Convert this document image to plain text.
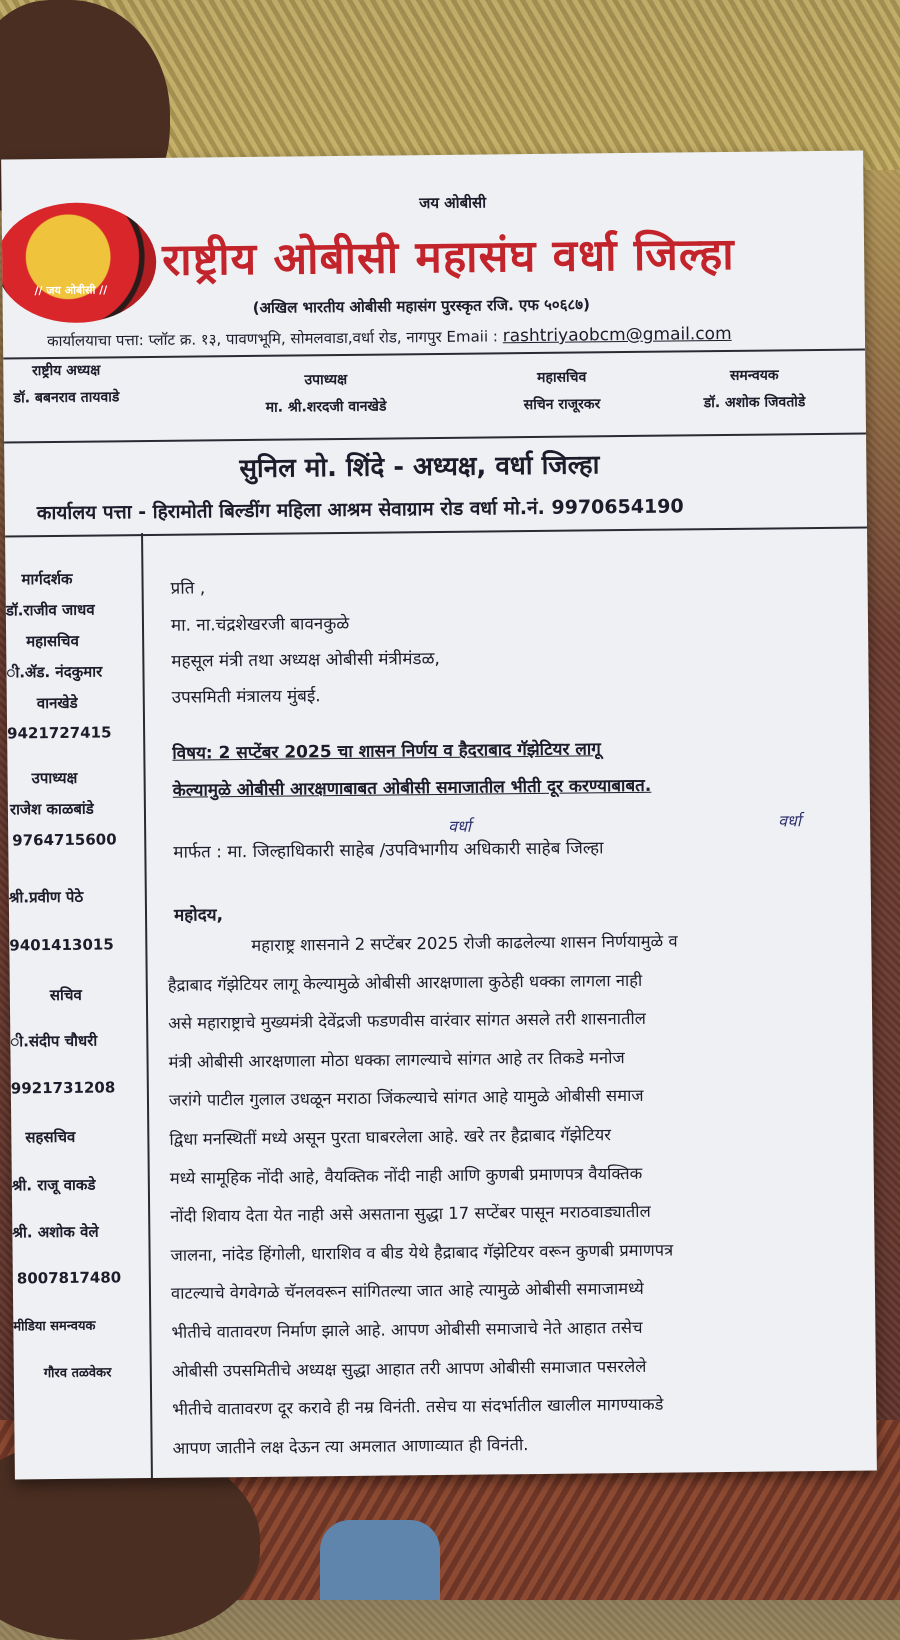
// जय ओबीसी //
जय ओबीसी
राष्ट्रीय ओबीसी महासंघ वर्धा जिल्हा
(अखिल भारतीय ओबीसी महासंग पुरस्कृत रजि. एफ ५०६८७)
कार्यालयाचा पत्ता: प्लॉट क्र. १३, पावणभूमि, सोमलवाडा,वर्धा रोड, नागपुर Emaii : rashtriyaobcm@gmail.com
राष्ट्रीय अध्यक्ष
डॉ. बबनराव तायवाडे
उपाध्यक्ष
मा. श्री.शरदजी वानखेडे
महासचिव
सचिन राजूरकर
समन्वयक
डॉ. अशोक जिवतोडे
सुनिल मो. शिंदे - अध्यक्ष, वर्धा जिल्हा
कार्यालय पत्ता - हिरामोती बिल्डींग महिला आश्रम सेवाग्राम रोड वर्धा मो.नं. 9970654190
मार्गदर्शक
डॉ.राजीव जाधव
महासचिव
ी.ॲड. नंदकुमार
वानखेडे
9421727415
उपाध्यक्ष
राजेश काळबांडे
9764715600
श्री.प्रवीण पेठे
9401413015
सचिव
ी.संदीप चौधरी
9921731208
सहसचिव
श्री. राजू वाकडे
श्री. अशोक वेले
8007817480
मीडिया समन्वयक
गौरव तळवेकर
प्रति ,
मा. ना.चंद्रशेखरजी बावनकुळे
महसूल मंत्री तथा अध्यक्ष ओबीसी मंत्रीमंडळ,
उपसमिती मंत्रालय मुंबई.
विषय: 2 सप्टेंबर 2025 चा शासन निर्णय व हैदराबाद गॅझेटियर लागू
केल्यामुळे ओबीसी आरक्षणाबाबत ओबीसी समाजातील भीती दूर करण्याबाबत.
मार्फत : मा. जिल्हाधिकारी साहेब /उपविभागीय अधिकारी साहेब जिल्हा
वर्धा	वर्धा
महोदय,
महाराष्ट्र शासनाने 2 सप्टेंबर 2025 रोजी काढलेल्या शासन निर्णयामुळे व
हैद्राबाद गॅझेटियर लागू केल्यामुळे ओबीसी आरक्षणाला कुठेही धक्का लागला नाही
असे महाराष्ट्राचे मुख्यमंत्री देवेंद्रजी फडणवीस वारंवार सांगत असले तरी शासनातील
मंत्री ओबीसी आरक्षणाला मोठा धक्का लागल्याचे सांगत आहे तर तिकडे मनोज
जरांगे पाटील गुलाल उधळून मराठा जिंकल्याचे सांगत आहे यामुळे ओबीसी समाज
द्विधा मनस्थितीं मध्ये असून पुरता घाबरलेला आहे. खरे तर हैद्राबाद गॅझेटियर
मध्ये सामूहिक नोंदी आहे, वैयक्तिक नोंदी नाही आणि कुणबी प्रमाणपत्र वैयक्तिक
नोंदी शिवाय देता येत नाही असे असताना सुद्धा 17 सप्टेंबर पासून मराठवाड्यातील
जालना, नांदेड हिंगोली, धाराशिव व बीड येथे हैद्राबाद गॅझेटियर वरून कुणबी प्रमाणपत्र
वाटल्याचे वेगवेगळे चॅनलवरून सांगितल्या जात आहे त्यामुळे ओबीसी समाजामध्ये
भीतीचे वातावरण निर्माण झाले आहे. आपण ओबीसी समाजाचे नेते आहात तसेच
ओबीसी उपसमितीचे अध्यक्ष सुद्धा आहात तरी आपण ओबीसी समाजात पसरलेले
भीतीचे वातावरण दूर करावे ही नम्र विनंती. तसेच या संदर्भातील खालील मागण्याकडे
आपण जातीने लक्ष देऊन त्या अमलात आणाव्यात ही विनंती.
